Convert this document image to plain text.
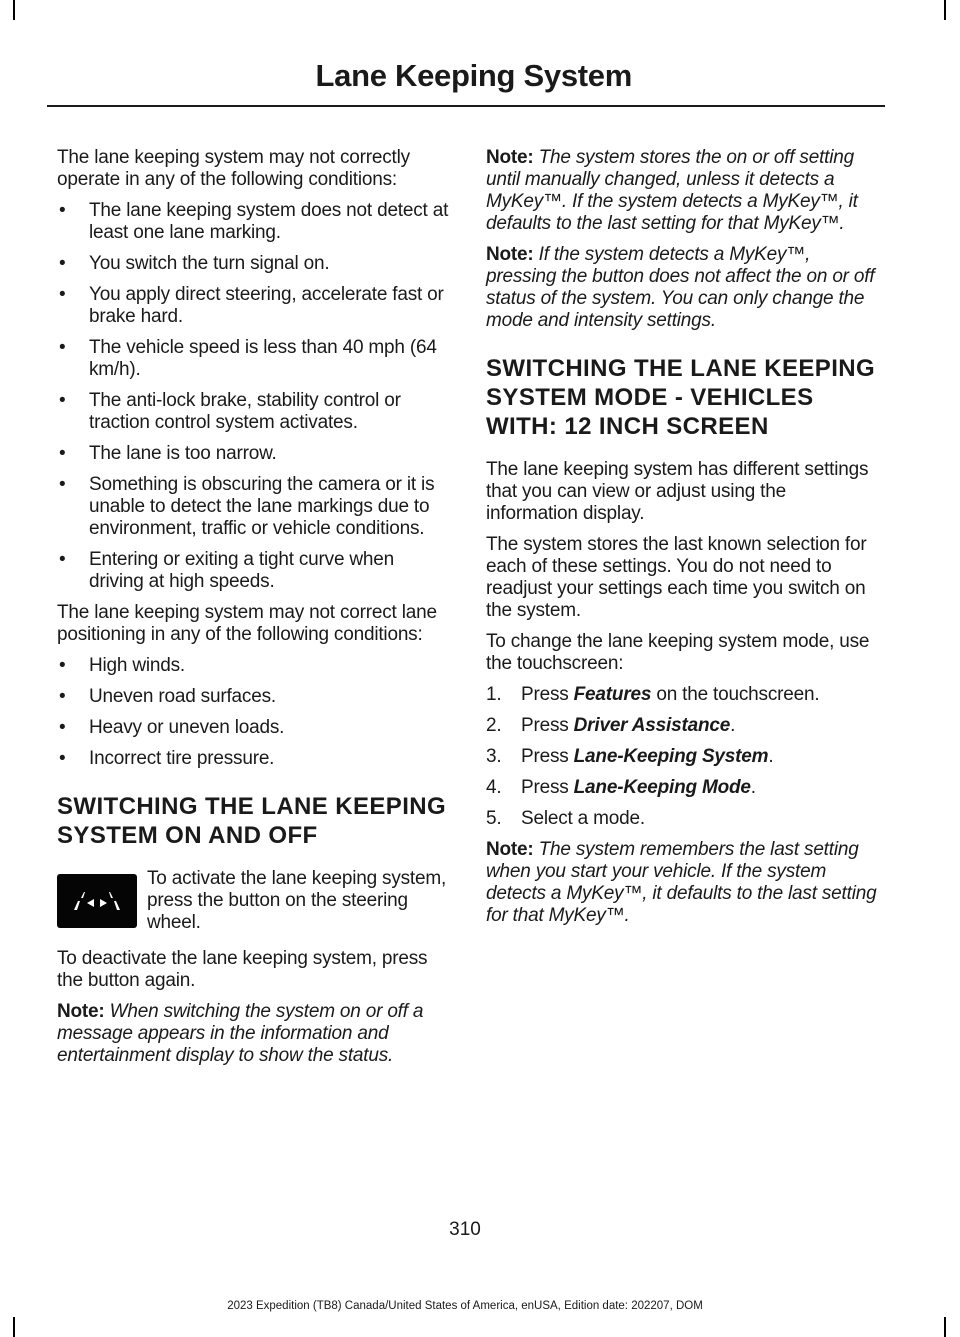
Lane Keeping System

The lane keeping system may not correctly operate in any of the following conditions:

• The lane keeping system does not detect at least one lane marking.
• You switch the turn signal on.
• You apply direct steering, accelerate fast or brake hard.
• The vehicle speed is less than 40 mph (64 km/h).
• The anti-lock brake, stability control or traction control system activates.
• The lane is too narrow.
• Something is obscuring the camera or it is unable to detect the lane markings due to environment, traffic or vehicle conditions.
• Entering or exiting a tight curve when driving at high speeds.

The lane keeping system may not correct lane positioning in any of the following conditions:

• High winds.
• Uneven road surfaces.
• Heavy or uneven loads.
• Incorrect tire pressure.
SWITCHING THE LANE KEEPING SYSTEM ON AND OFF
To activate the lane keeping system, press the button on the steering wheel.

To deactivate the lane keeping system, press the button again.

Note: When switching the system on or off a message appears in the information and entertainment display to show the status.

Note: The system stores the on or off setting until manually changed, unless it detects a MyKey™. If the system detects a MyKey™, it defaults to the last setting for that MyKey™.

Note: If the system detects a MyKey™, pressing the button does not affect the on or off status of the system. You can only change the mode and intensity settings.

SWITCHING THE LANE KEEPING SYSTEM MODE - VEHICLES WITH: 12 INCH SCREEN

The lane keeping system has different settings that you can view or adjust using the information display.

The system stores the last known selection for each of these settings. You do not need to readjust your settings each time you switch on the system.

To change the lane keeping system mode, use the touchscreen:

1. Press Features on the touchscreen.
2. Press Driver Assistance.
3. Press Lane-Keeping System.
4. Press Lane-Keeping Mode.
5. Select a mode.

Note: The system remembers the last setting when you start your vehicle. If the system detects a MyKey™, it defaults to the last setting for that MyKey™.

310
2023 Expedition (TB8) Canada/United States of America, enUSA, Edition date: 202207, DOM
